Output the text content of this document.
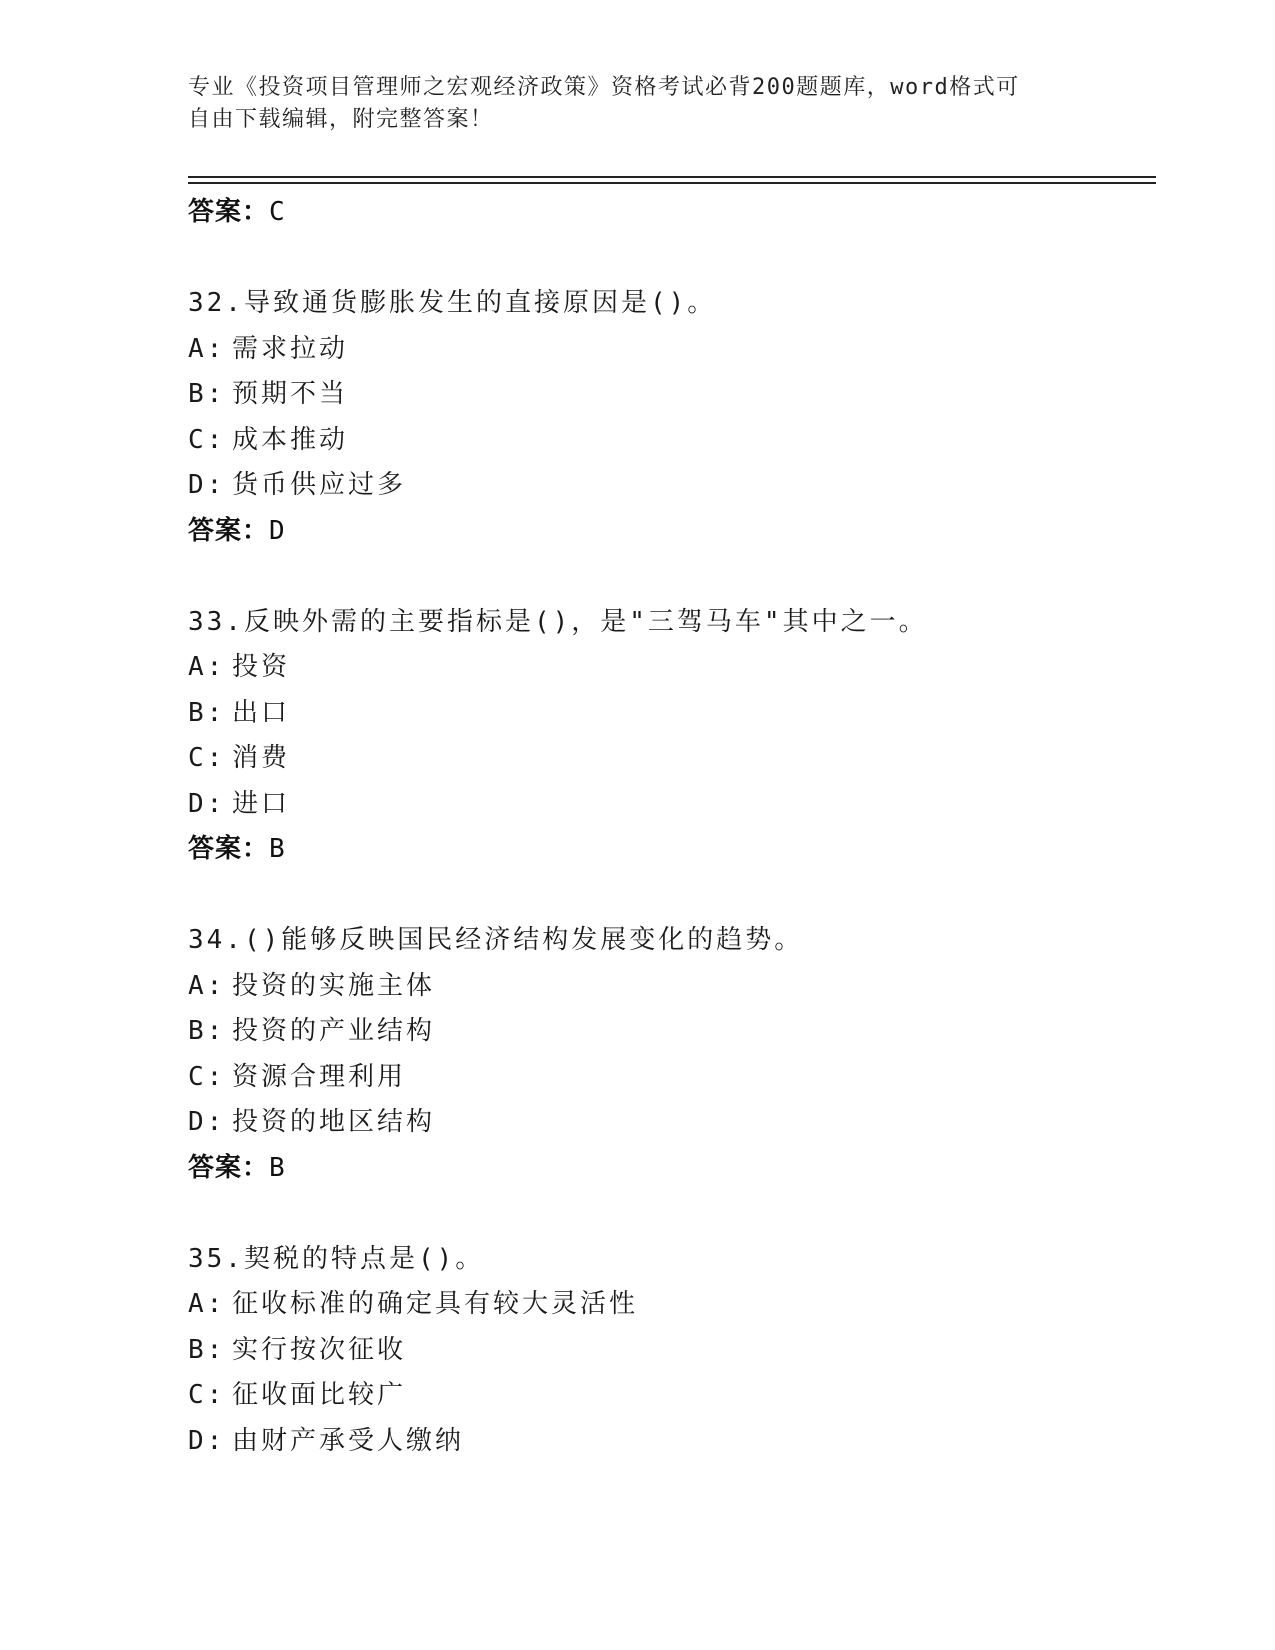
专业《投资项目管理师之宏观经济政策》资格考试必背200题题库，word格式可
自由下载编辑，附完整答案！
答案：C
32.导致通货膨胀发生的直接原因是()。
A: 需求拉动
B: 预期不当
C: 成本推动
D: 货币供应过多
答案：D
33.反映外需的主要指标是()，是"三驾马车"其中之一。
A: 投资
B: 出口
C: 消费
D: 进口
答案：B
34.()能够反映国民经济结构发展变化的趋势。
A: 投资的实施主体
B: 投资的产业结构
C: 资源合理利用
D: 投资的地区结构
答案：B
35.契税的特点是()。
A: 征收标准的确定具有较大灵活性
B: 实行按次征收
C: 征收面比较广
D: 由财产承受人缴纳
